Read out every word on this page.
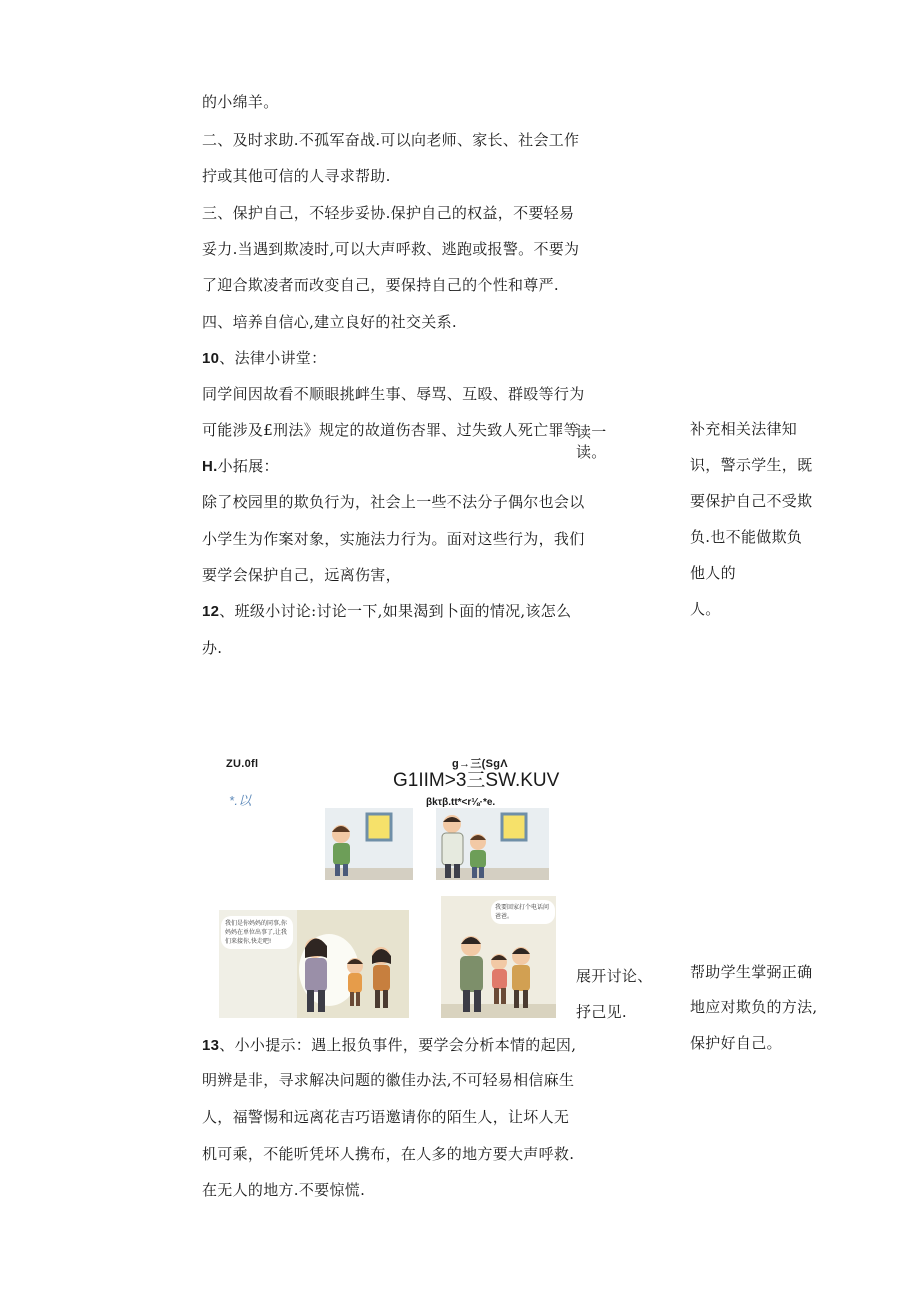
的小绵羊。
二、及时求助.不孤军奋战.可以向老师、家长、社会工作
拧或其他可信的人寻求帮助.
三、保护自己，不轻步妥协.保护自己的权益，不要轻易
妥力.当遇到欺凌时,可以大声呼救、逃跑或报警。不要为
了迎合欺凌者而改变自己，要保持自己的个性和尊严.
四、培养自信心,建立良好的社交关系.
10、法律小讲堂：
同学间因故看不顺眼挑衅生事、辱骂、互殴、群殴等行为
可能涉及£刑法》规定的故道伤杏罪、过失致人死亡罪等
H.小拓展：
除了校园里的欺负行为，社会上一些不法分子偶尔也会以
小学生为作案对象，实施法力行为。面对这些行为，我们
要学会保护自己，远离伤害，
12、班级小讨论:讨论一下,如果渴到卜面的情况,该怎么
办.
读一
读。
展开讨论、
抒己见.
补充相关法律知
识，警示学生，既
要保护自己不受欺
负.也不能做欺负
他人的
人。
帮助学生掌弼正确
地应对欺负的方法,
保护好自己。
ZU.0fl
*.以
g→三(SgΛ
G1IIM>3三SW.KUV
βkτβ.tt*<r⅛·*e.
我们是你妈妈的同事,你妈妈在单位出事了,让我们来接你,快走吧!
我要回家打个电话问爸爸。
13、小小提示：遇上报负事件，要学会分析本情的起因,
明辨是非，寻求解决问题的徽佳办法,不可轻易相信麻生
人，福警惕和远离花吉巧语邀请你的陌生人，让坏人无
机可乘，不能听凭坏人携布，在人多的地方要大声呼救.
在无人的地方.不要惊慌.
